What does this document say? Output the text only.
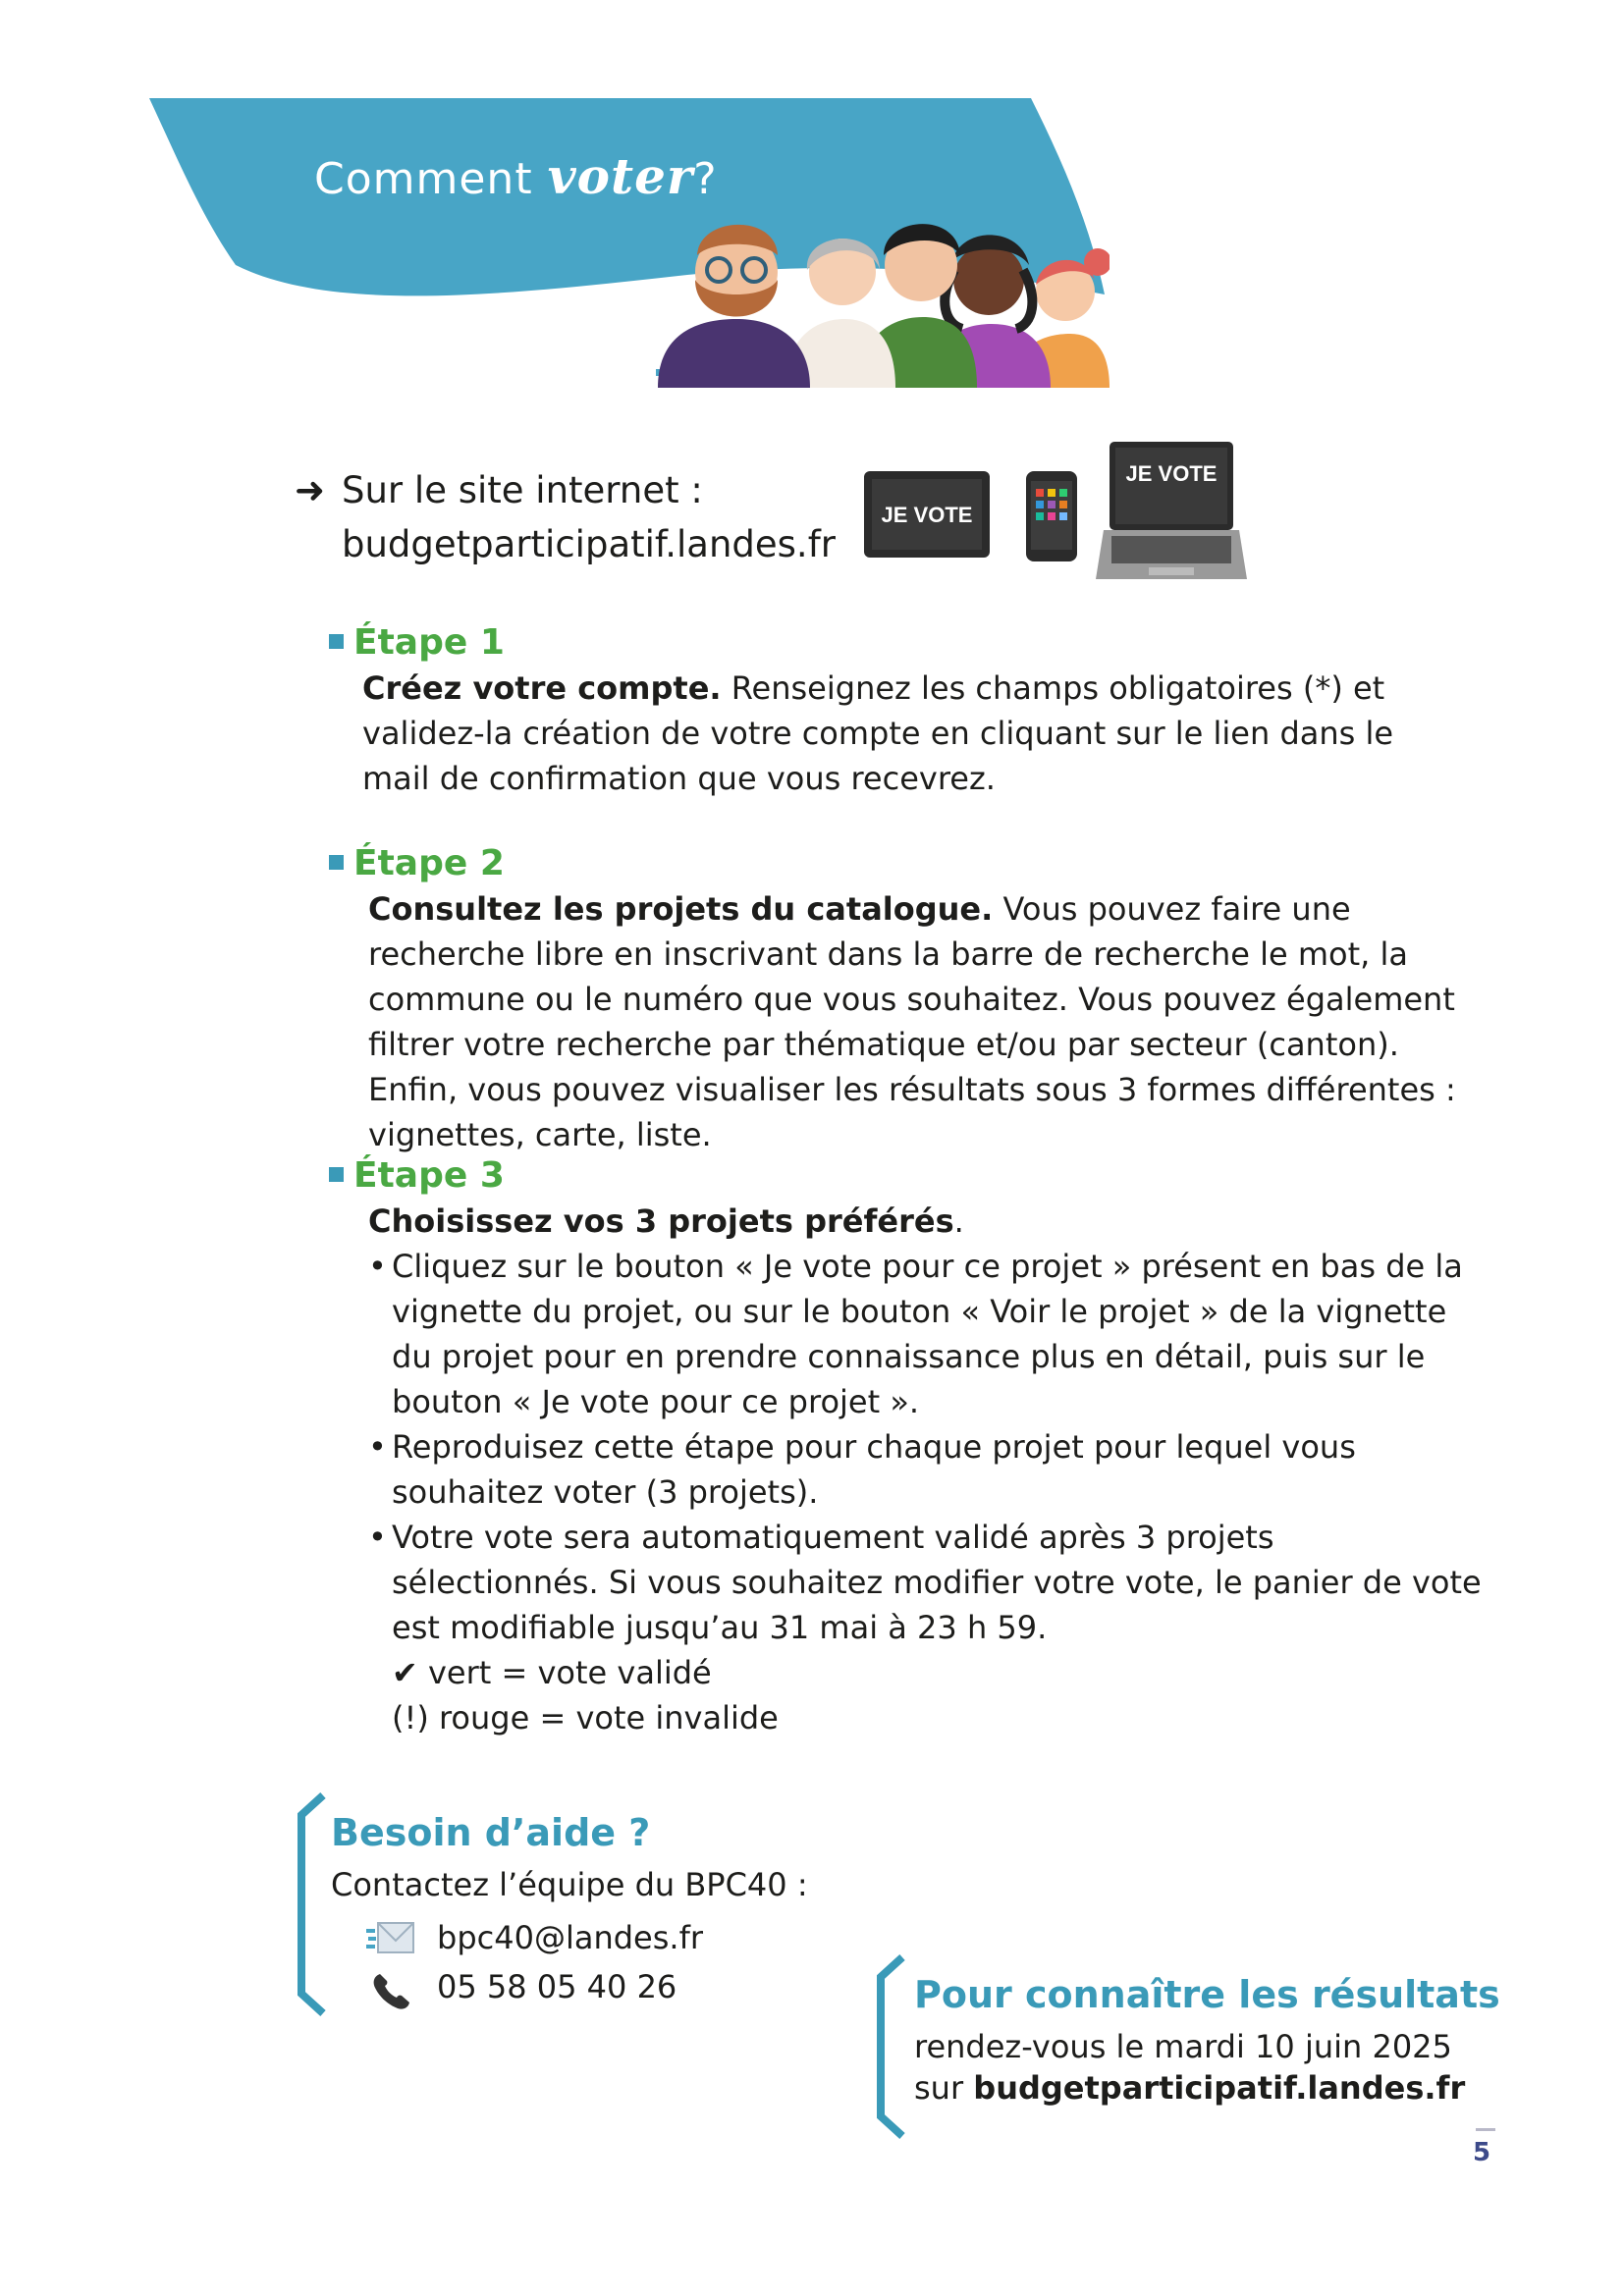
Comment voter?
➜ Sur le site internet :
budgetparticipatif.landes.fr
JE VOTE
JE VOTE
Étape 1
Créez votre compte. Renseignez les champs obligatoires (*) et validez-la création de votre compte en cliquant sur le lien dans le mail de confirmation que vous recevrez.
Étape 2
Consultez les projets du catalogue. Vous pouvez faire une recherche libre en inscrivant dans la barre de recherche le mot, la commune ou le numéro que vous souhaitez. Vous pouvez également filtrer votre recherche par thématique et/ou par secteur (canton). Enfin, vous pouvez visualiser les résultats sous 3 formes différentes : vignettes, carte, liste.
Étape 3
Choisissez vos 3 projets préférés.
• Cliquez sur le bouton « Je vote pour ce projet » présent en bas de la vignette du projet, ou sur le bouton « Voir le projet » de la vignette du projet pour en prendre connaissance plus en détail, puis sur le bouton « Je vote pour ce projet ».
• Reproduisez cette étape pour chaque projet pour lequel vous souhaitez voter (3 projets).
• Votre vote sera automatiquement validé après 3 projets sélectionnés. Si vous souhaitez modifier votre vote, le panier de vote est modifiable jusqu’au 31 mai à 23 h 59.
✔ vert = vote validé
(!) rouge = vote invalide
Besoin d’aide ?
Contactez l’équipe du BPC40 :
bpc40@landes.fr
05 58 05 40 26	Pour connaître les résultats
rendez-vous le mardi 10 juin 2025
sur budgetparticipatif.landes.fr
5
